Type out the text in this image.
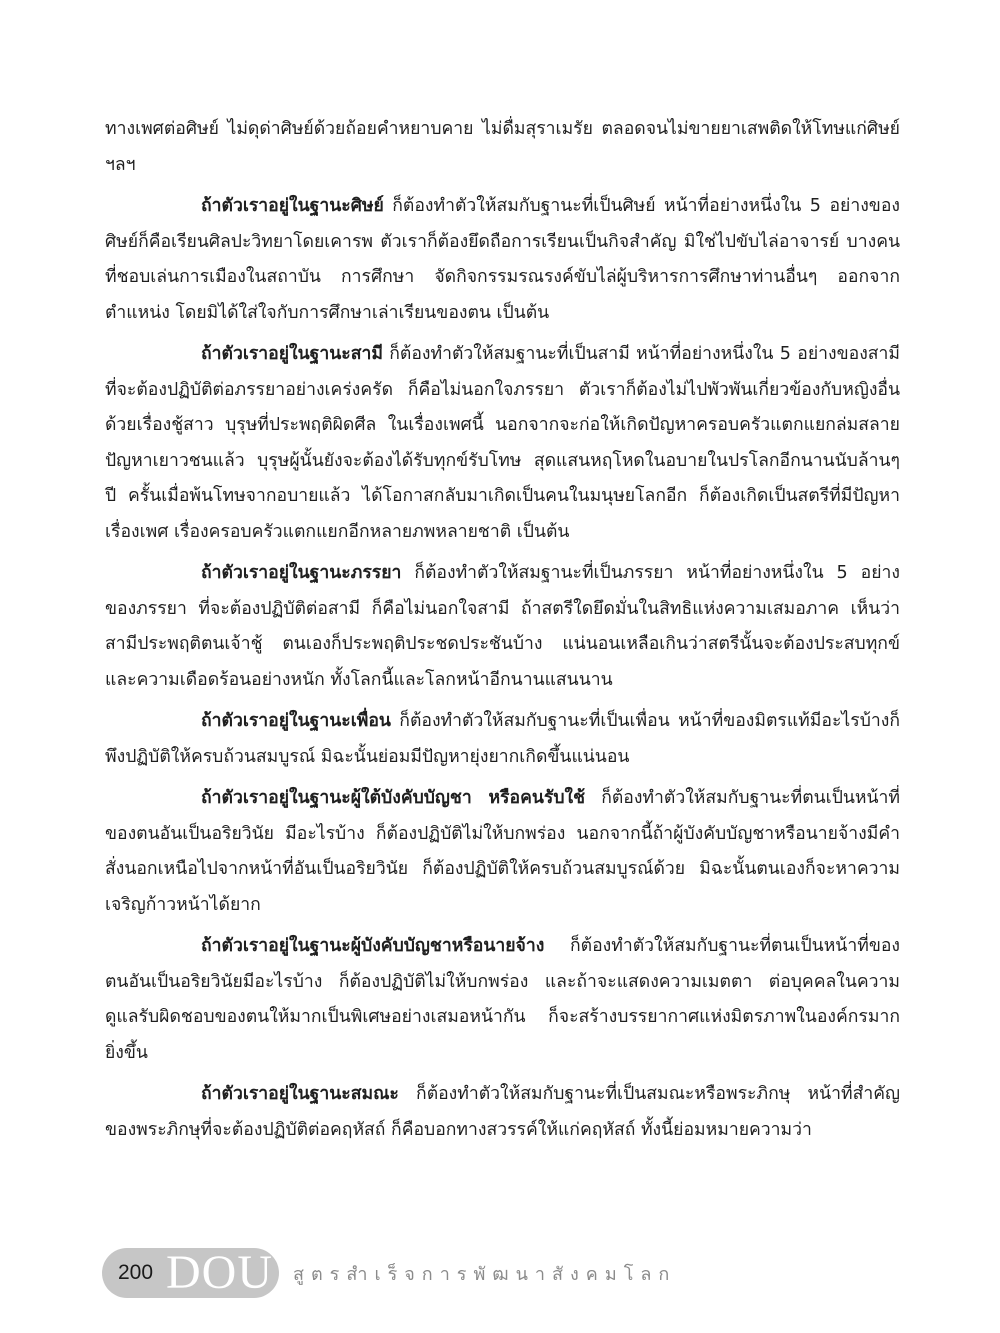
ทางเพศต่อศิษย์ ไม่ดุด่าศิษย์ด้วยถ้อยคำหยาบคาย ไม่ดื่มสุราเมรัย ตลอดจนไม่ขายยาเสพติดให้โทษแก่ศิษย์ ฯลฯ

ถ้าตัวเราอยู่ในฐานะศิษย์ ก็ต้องทำตัวให้สมกับฐานะที่เป็นศิษย์ หน้าที่อย่างหนึ่งใน 5 อย่างของศิษย์ก็คือเรียนศิลปะวิทยาโดยเคารพ ตัวเราก็ต้องยึดถือการเรียนเป็นกิจสำคัญ มิใช่ไปขับไล่อาจารย์ บางคนที่ชอบเล่นการเมืองในสถาบัน การศึกษา จัดกิจกรรมรณรงค์ขับไล่ผู้บริหารการศึกษาท่านอื่นๆ ออกจากตำแหน่ง โดยมิได้ใส่ใจกับการศึกษาเล่าเรียนของตน เป็นต้น

ถ้าตัวเราอยู่ในฐานะสามี ก็ต้องทำตัวให้สมฐานะที่เป็นสามี หน้าที่อย่างหนึ่งใน 5 อย่างของสามี ที่จะต้องปฏิบัติต่อภรรยาอย่างเคร่งครัด ก็คือไม่นอกใจภรรยา ตัวเราก็ต้องไม่ไปพัวพันเกี่ยวข้องกับหญิงอื่นด้วยเรื่องชู้สาว บุรุษที่ประพฤติผิดศีล ในเรื่องเพศนี้ นอกจากจะก่อให้เกิดปัญหาครอบครัวแตกแยกล่มสลาย ปัญหาเยาวชนแล้ว บุรุษผู้นั้นยังจะต้องได้รับทุกข์รับโทษ สุดแสนหฤโหดในอบายในปรโลกอีกนานนับล้านๆ ปี ครั้นเมื่อพ้นโทษจากอบายแล้ว ได้โอกาสกลับมาเกิดเป็นคนในมนุษยโลกอีก ก็ต้องเกิดเป็นสตรีที่มีปัญหาเรื่องเพศ เรื่องครอบครัวแตกแยกอีกหลายภพหลายชาติ เป็นต้น

ถ้าตัวเราอยู่ในฐานะภรรยา ก็ต้องทำตัวให้สมฐานะที่เป็นภรรยา หน้าที่อย่างหนึ่งใน 5 อย่างของภรรยา ที่จะต้องปฏิบัติต่อสามี ก็คือไม่นอกใจสามี ถ้าสตรีใดยึดมั่นในสิทธิแห่งความเสมอภาค เห็นว่าสามีประพฤติตนเจ้าชู้ ตนเองก็ประพฤติประชดประชันบ้าง แน่นอนเหลือเกินว่าสตรีนั้นจะต้องประสบทุกข์และความเดือดร้อนอย่างหนัก ทั้งโลกนี้และโลกหน้าอีกนานแสนนาน

ถ้าตัวเราอยู่ในฐานะเพื่อน ก็ต้องทำตัวให้สมกับฐานะที่เป็นเพื่อน หน้าที่ของมิตรแท้มีอะไรบ้างก็พึงปฏิบัติให้ครบถ้วนสมบูรณ์ มิฉะนั้นย่อมมีปัญหายุ่งยากเกิดขึ้นแน่นอน

ถ้าตัวเราอยู่ในฐานะผู้ใต้บังคับบัญชา หรือคนรับใช้ ก็ต้องทำตัวให้สมกับฐานะที่ตนเป็นหน้าที่ของตนอันเป็นอริยวินัย มีอะไรบ้าง ก็ต้องปฏิบัติไม่ให้บกพร่อง นอกจากนี้ถ้าผู้บังคับบัญชาหรือนายจ้างมีคำสั่งนอกเหนือไปจากหน้าที่อันเป็นอริยวินัย ก็ต้องปฏิบัติให้ครบถ้วนสมบูรณ์ด้วย มิฉะนั้นตนเองก็จะหาความเจริญก้าวหน้าได้ยาก

ถ้าตัวเราอยู่ในฐานะผู้บังคับบัญชาหรือนายจ้าง ก็ต้องทำตัวให้สมกับฐานะที่ตนเป็นหน้าที่ของตนอันเป็นอริยวินัยมีอะไรบ้าง ก็ต้องปฏิบัติไม่ให้บกพร่อง และถ้าจะแสดงความเมตตา ต่อบุคคลในความดูแลรับผิดชอบของตนให้มากเป็นพิเศษอย่างเสมอหน้ากัน ก็จะสร้างบรรยากาศแห่งมิตรภาพในองค์กรมากยิ่งขึ้น

ถ้าตัวเราอยู่ในฐานะสมณะ ก็ต้องทำตัวให้สมกับฐานะที่เป็นสมณะหรือพระภิกษุ หน้าที่สำคัญของพระภิกษุที่จะต้องปฏิบัติต่อคฤหัสถ์ ก็คือบอกทางสวรรค์ให้แก่คฤหัสถ์ ทั้งนี้ย่อมหมายความว่า

200 DOU สูตรสำเร็จการพัฒนาสังคมโลก
